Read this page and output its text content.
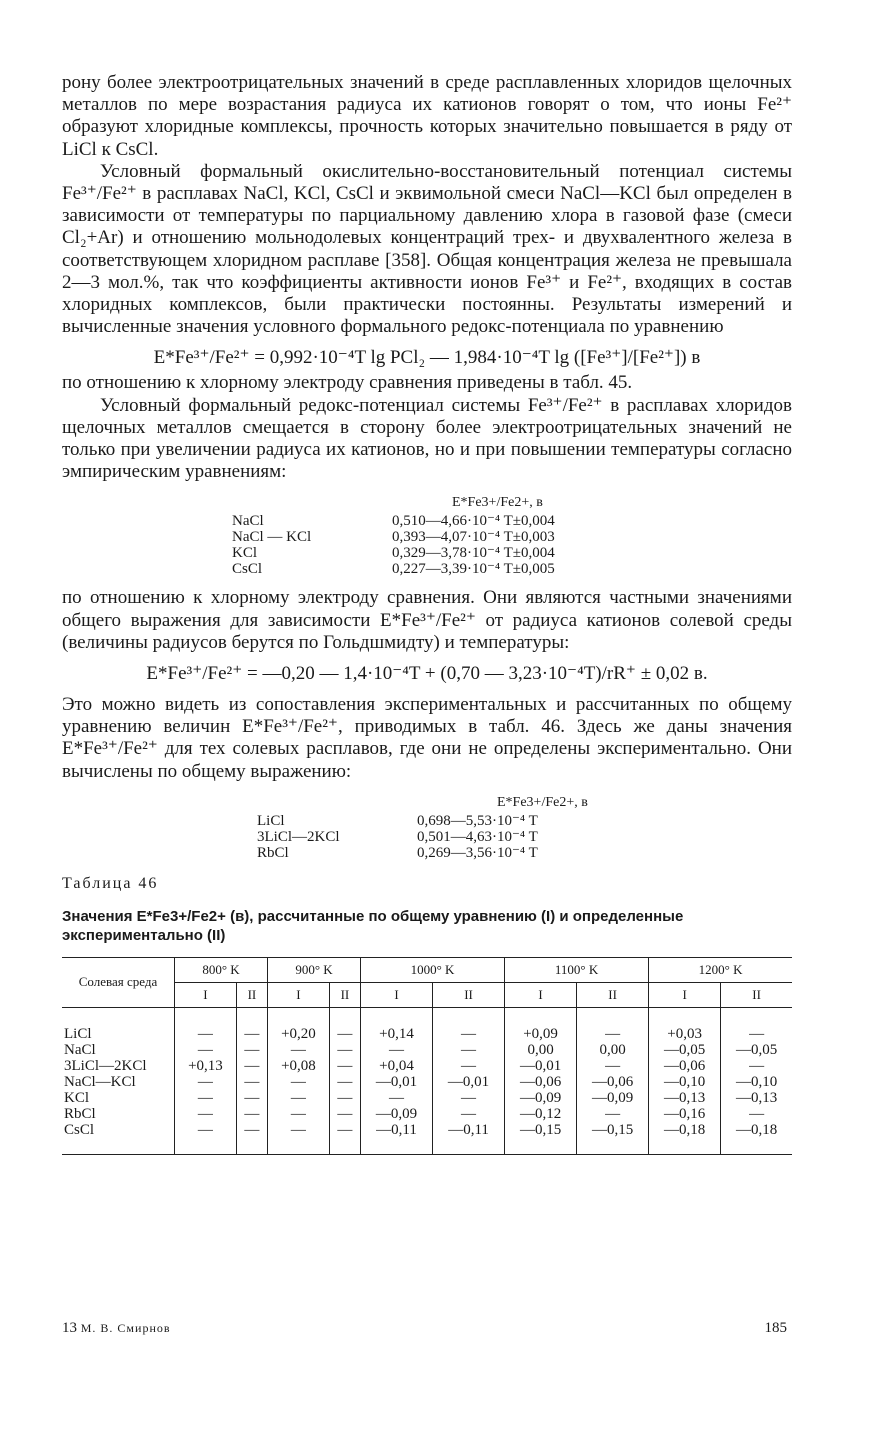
рону более электроотрицательных значений в среде расплавленных хлоридов щелочных металлов по мере возрастания радиуса их катионов говорят о том, что ионы Fe²⁺ образуют хлоридные комплексы, прочность которых значительно повышается в ряду от LiCl к CsCl.

Условный формальный окислительно-восстановительный потенциал системы Fe³⁺/Fe²⁺ в расплавах NaCl, KCl, CsCl и эквимольной смеси NaCl—KCl был определен в зависимости от температуры по парциальному давлению хлора в газовой фазе (смеси Cl₂+Ar) и отношению мольнодолевых концентраций трех- и двухвалентного железа в соответствующем хлоридном расплаве [358]. Общая концентрация железа не превышала 2—3 мол.%, так что коэффициенты активности ионов Fe³⁺ и Fe²⁺, входящих в состав хлоридных комплексов, были практически постоянны. Результаты измерений и вычисленные значения условного формального редокс-потенциала по уравнению

E*Fe³⁺/Fe²⁺ = 0,992·10⁻⁴T lg PCl₂ — 1,984·10⁻⁴T lg ([Fe³⁺]/[Fe²⁺]) в

по отношению к хлорному электроду сравнения приведены в табл. 45.

Условный формальный редокс-потенциал системы Fe³⁺/Fe²⁺ в расплавах хлоридов щелочных металлов смещается в сторону более электроотрицательных значений не только при увеличении радиуса их катионов, но и при повышении температуры согласно эмпирическим уравнениям:

E*Fe3+/Fe2+, в
NaCl	0,510—4,66·10⁻⁴ T±0,004
NaCl — KCl	0,393—4,07·10⁻⁴ T±0,003
KCl	0,329—3,78·10⁻⁴ T±0,004
CsCl	0,227—3,39·10⁻⁴ T±0,005

по отношению к хлорному электроду сравнения. Они являются частными значениями общего выражения для зависимости E*Fe³⁺/Fe²⁺ от радиуса катионов солевой среды (величины радиусов берутся по Гольдшмидту) и температуры:

E*Fe³⁺/Fe²⁺ = —0,20 — 1,4·10⁻⁴T + (0,70 — 3,23·10⁻⁴T)/rR⁺ ± 0,02 в.

Это можно видеть из сопоставления экспериментальных и рассчитанных по общему уравнению величин E*Fe³⁺/Fe²⁺, приводимых в табл. 46. Здесь же даны значения E*Fe³⁺/Fe²⁺ для тех солевых расплавов, где они не определены экспериментально. Они вычислены по общему выражению:

E*Fe3+/Fe2+, в
LiCl	0,698—5,53·10⁻⁴ T
3LiCl—2KCl	0,501—4,63·10⁻⁴ T
RbCl	0,269—3,56·10⁻⁴ T
Таблица 46
Значения E*Fe3+/Fe2+ (в), рассчитанные по общему уравнению (I) и определенные экспериментально (II)
Солевая среда	800° K		900° K		1000° K		1100° K		1200° K	
	I	II	I	II	I	II	I	II	I	II
LiCl	—	—	+0,20	—	+0,14	—	+0,09	—	+0,03	—
NaCl	—	—	—	—	—	—	0,00	0,00	—0,05	—0,05
3LiCl—2KCl	+0,13	—	+0,08	—	+0,04	—	—0,01	—	—0,06	—
NaCl—KCl	—	—	—	—	—0,01	—0,01	—0,06	—0,06	—0,10	—0,10
KCl	—	—	—	—	—	—	—0,09	—0,09	—0,13	—0,13
RbCl	—	—	—	—	—0,09	—	—0,12	—	—0,16	—
CsCl	—	—	—	—	—0,11	—0,11	—0,15	—0,15	—0,18	—0,18
13 М. В. Смирнов	185
